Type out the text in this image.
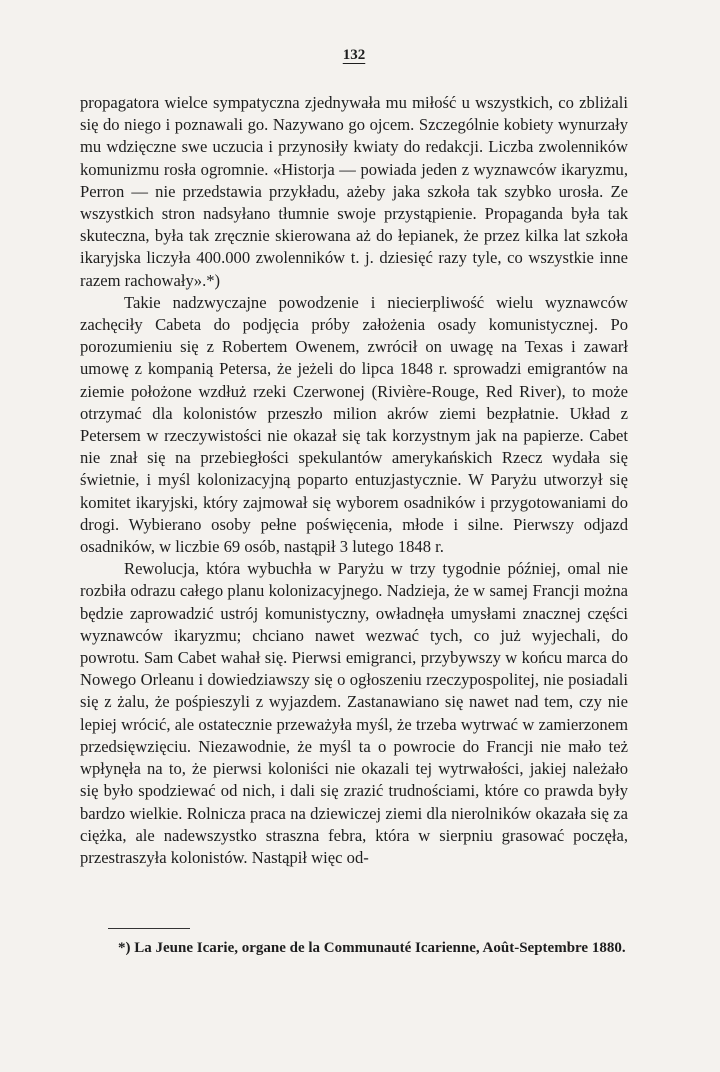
132

propagatora wielce sympatyczna zjednywała mu miłość u wszystkich, co zbliżali się do niego i poznawali go. Nazywano go ojcem. Szczególnie kobiety wynurzały mu wdzięczne swe uczucia i przynosiły kwiaty do redakcji. Liczba zwolenników komunizmu rosła ogromnie. «Historja — powiada jeden z wyznawców ikaryzmu, Perron — nie przedstawia przykładu, ażeby jaka szkoła tak szybko urosła. Ze wszystkich stron nadsyłano tłumnie swoje przystąpienie. Propaganda była tak skuteczna, była tak zręcznie skierowana aż do łepianek, że przez kilka lat szkoła ikaryjska liczyła 400.000 zwolenników t. j. dziesięć razy tyle, co wszystkie inne razem rachowały».*)

Takie nadzwyczajne powodzenie i niecierpliwość wielu wyznawców zachęciły Cabeta do podjęcia próby założenia osady komunistycznej. Po porozumieniu się z Robertem Owenem, zwrócił on uwagę na Texas i zawarł umowę z kompanią Petersa, że jeżeli do lipca 1848 r. sprowadzi emigrantów na ziemie położone wzdłuż rzeki Czerwonej (Rivière-Rouge, Red River), to może otrzymać dla kolonistów przeszło milion akrów ziemi bezpłatnie. Układ z Petersem w rzeczywistości nie okazał się tak korzystnym jak na papierze. Cabet nie znał się na przebiegłości spekulantów amerykańskich Rzecz wydała się świetnie, i myśl kolonizacyjną poparto entuzjastycznie. W Paryżu utworzył się komitet ikaryjski, który zajmował się wyborem osadników i przygotowaniami do drogi. Wybierano osoby pełne poświęcenia, młode i silne. Pierwszy odjazd osadników, w liczbie 69 osób, nastąpił 3 lutego 1848 r.

Rewolucja, która wybuchła w Paryżu w trzy tygodnie później, omal nie rozbiła odrazu całego planu kolonizacyjnego. Nadzieja, że w samej Francji można będzie zaprowadzić ustrój komunistyczny, owładnęła umysłami znacznej części wyznawców ikaryzmu; chciano nawet wezwać tych, co już wyjechali, do powrotu. Sam Cabet wahał się. Pierwsi emigranci, przybywszy w końcu marca do Nowego Orleanu i dowiedziawszy się o ogłoszeniu rzeczypospolitej, nie posiadali się z żalu, że pośpieszyli z wyjazdem. Zastanawiano się nawet nad tem, czy nie lepiej wrócić, ale ostatecznie przeważyła myśl, że trzeba wytrwać w zamierzonem przedsięwzięciu. Niezawodnie, że myśl ta o powrocie do Francji nie mało też wpłynęła na to, że pierwsi koloniści nie okazali tej wytrwałości, jakiej należało się było spodziewać od nich, i dali się zrazić trudnościami, które co prawda były bardzo wielkie. Rolnicza praca na dziewiczej ziemi dla nierolników okazała się za ciężka, ale nadewszystko straszna febra, która w sierpniu grasować poczęła, przestraszyła kolonistów. Nastąpił więc od-

*) La Jeune Icarie, organe de la Communauté Icarienne, Août-Septembre 1880.
